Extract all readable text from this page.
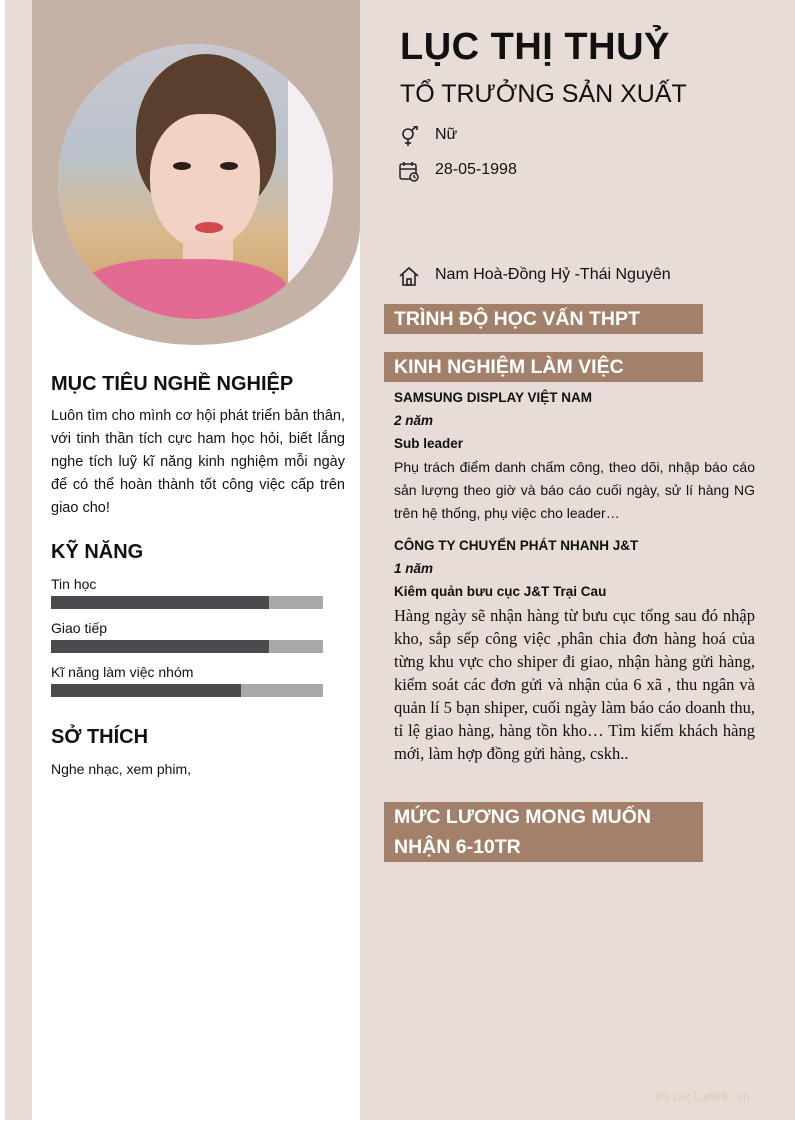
MỤC TIÊU NGHỀ NGHIỆP
Luôn tìm cho mình cơ hội phát triển bản thân, với tinh thần tích cực ham học hỏi, biết lắng nghe tích luỹ kĩ năng kinh nghiệm mỗi ngày để có thể hoàn thành tốt công việc cấp trên giao cho!
KỸ NĂNG
Tin học
Giao tiếp
Kĩ năng làm việc nhóm
SỞ THÍCH
Nghe nhạc, xem phim,
LỤC THỊ THUỶ
TỔ TRƯỞNG SẢN XUẤT
Nữ
28-05-1998
Nam Hoà-Đồng Hỷ -Thái Nguyên
TRÌNH ĐỘ HỌC VẤN THPT
KINH NGHIỆM LÀM VIỆC
SAMSUNG DISPLAY VIỆT NAM
2 năm
Sub leader
Phụ trách điểm danh chấm công, theo dõi, nhập báo cáo sản lượng theo giờ và báo cáo cuối ngày, sử lí hàng NG trên hệ thống, phụ việc cho leader…
CÔNG TY CHUYỂN PHÁT NHANH J&T
1 năm
Kiêm quản bưu cục J&T Trại Cau
Hàng ngày sẽ nhận hàng từ bưu cục tổng sau đó nhập kho, sắp sếp công việc ,phân chia đơn hàng hoá của từng khu vực cho shiper đi giao, nhận hàng gửi hàng, kiểm soát các đơn gửi và nhận của 6 xã , thu ngân và quản lí 5 bạn shiper, cuối ngày làm báo cáo doanh thu, tỉ lệ giao hàng, hàng tồn kho… Tìm kiếm khách hàng mới, làm hợp đồng gửi hàng, cskh..
MỨC LƯƠNG MONG MUỐN
NHẬN 6-10TR
©vieclam88.vn
